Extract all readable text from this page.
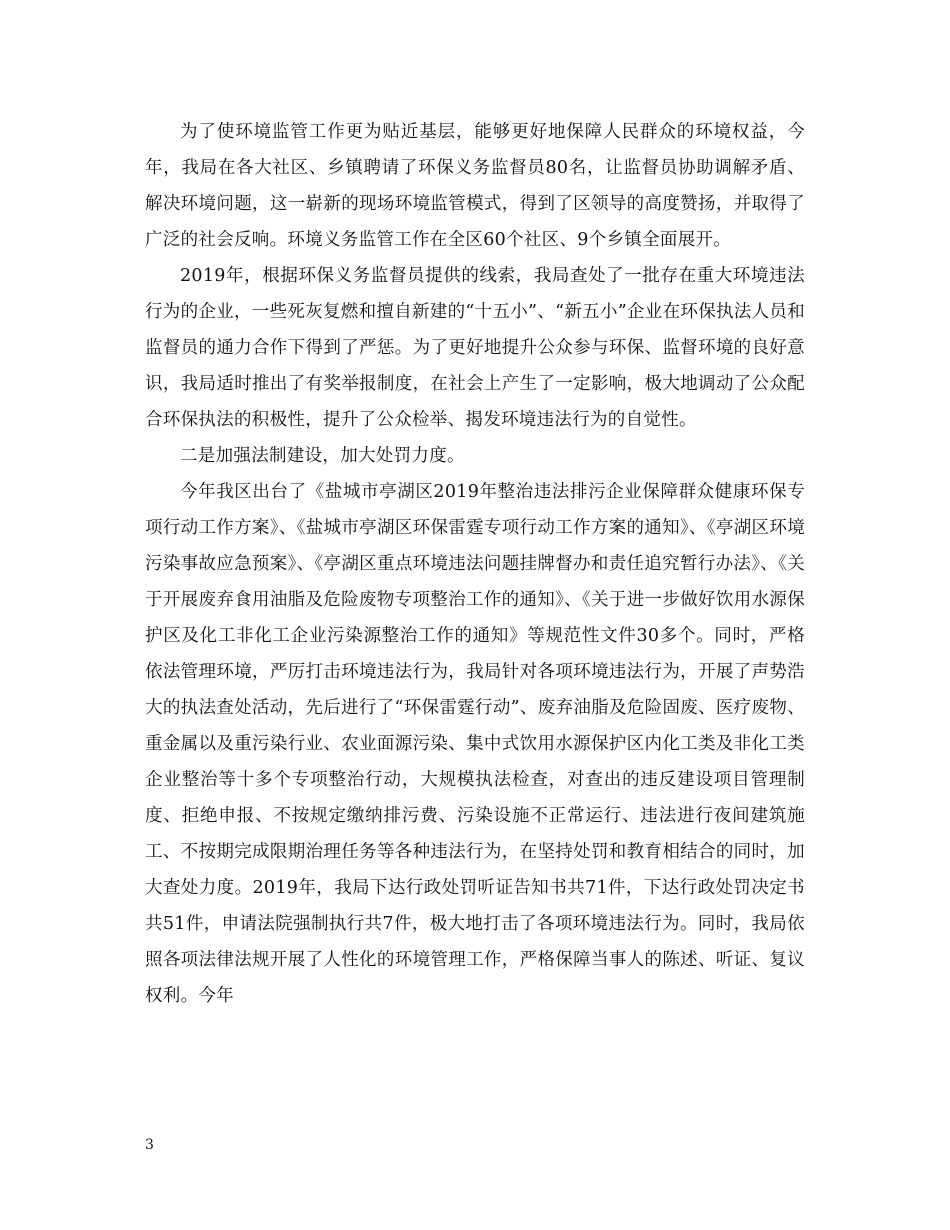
为了使环境监管工作更为贴近基层，能够更好地保障人民群众的环境权益，今年，我局在各大社区、乡镇聘请了环保义务监督员80名，让监督员协助调解矛盾、解决环境问题，这一崭新的现场环境监管模式，得到了区领导的高度赞扬，并取得了广泛的社会反响。环境义务监管工作在全区60个社区、9个乡镇全面展开。

2019年，根据环保义务监督员提供的线索，我局查处了一批存在重大环境违法行为的企业，一些死灰复燃和擅自新建的“十五小”、“新五小”企业在环保执法人员和监督员的通力合作下得到了严惩。为了更好地提升公众参与环保、监督环境的良好意识，我局适时推出了有奖举报制度，在社会上产生了一定影响，极大地调动了公众配合环保执法的积极性，提升了公众检举、揭发环境违法行为的自觉性。

二是加强法制建设，加大处罚力度。

今年我区出台了《盐城市亭湖区2019年整治违法排污企业保障群众健康环保专项行动工作方案》、《盐城市亭湖区环保雷霆专项行动工作方案的通知》、《亭湖区环境污染事故应急预案》、《亭湖区重点环境违法问题挂牌督办和责任追究暂行办法》、《关于开展废弃食用油脂及危险废物专项整治工作的通知》、《关于进一步做好饮用水源保护区及化工非化工企业污染源整治工作的通知》等规范性文件30多个。同时，严格依法管理环境，严厉打击环境违法行为，我局针对各项环境违法行为，开展了声势浩大的执法查处活动，先后进行了“环保雷霆行动”、废弃油脂及危险固废、医疗废物、重金属以及重污染行业、农业面源污染、集中式饮用水源保护区内化工类及非化工类企业整治等十多个专项整治行动，大规模执法检查，对查出的违反建设项目管理制度、拒绝申报、不按规定缴纳排污费、污染设施不正常运行、违法进行夜间建筑施工、不按期完成限期治理任务等各种违法行为，在坚持处罚和教育相结合的同时，加大查处力度。2019年，我局下达行政处罚听证告知书共71件，下达行政处罚决定书共51件，申请法院强制执行共7件，极大地打击了各项环境违法行为。同时，我局依照各项法律法规开展了人性化的环境管理工作，严格保障当事人的陈述、听证、复议权利。今年

3
